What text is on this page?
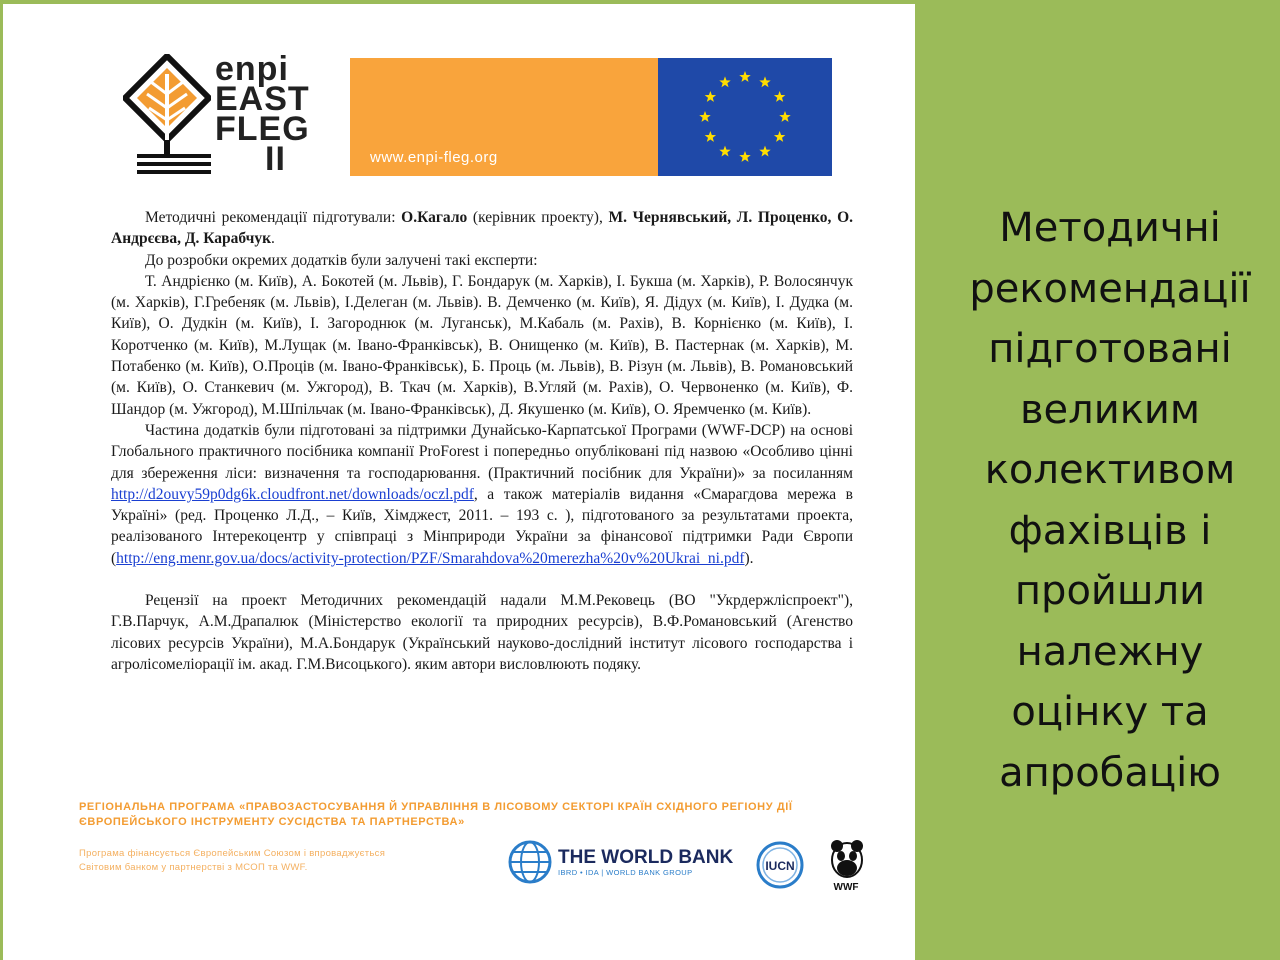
enpi
EAST
FLEG
II	www.enpi-fleg.org

Методичні рекомендації підготували: О.Кагало (керівник проекту), М. Чернявський, Л. Проценко, О. Андрєєва, Д. Карабчук.

До розробки окремих додатків були залучені такі експерти:

Т. Андрієнко (м. Київ), А. Бокотей (м. Львів), Г. Бондарук (м. Харків), І. Букша (м. Харків), Р. Волосянчук (м. Харків), Г.Гребеняк (м. Львів), І.Делеган (м. Львів). В. Демченко (м. Київ), Я. Дідух (м. Київ), І. Дудка (м. Київ), О. Дудкін (м. Київ), І. Загороднюк (м. Луганськ), М.Кабаль (м. Рахів), В. Корнієнко (м. Київ), І. Коротченко (м. Київ), М.Лущак (м. Івано-Франківськ), В. Онищенко (м. Київ), В. Пастернак (м. Харків), М. Потабенко (м. Київ), О.Проців (м. Івано-Франківськ), Б. Проць (м. Львів), В. Різун (м. Львів), В. Романовський (м. Київ), О. Станкевич (м. Ужгород), В. Ткач (м. Харків), В.Угляй (м. Рахів), О. Червоненко (м. Київ), Ф. Шандор (м. Ужгород), М.Шпільчак (м. Івано-Франківськ), Д. Якушенко (м. Київ), О. Яремченко (м. Київ).

Частина додатків були підготовані за підтримки Дунайсько-Карпатської Програми (WWF-DCP) на основі Глобального практичного посібника компанії ProForest і попередньо опубліковані під назвою «Особливо цінні для збереження ліси: визначення та господарювання. (Практичний посібник для України)» за посиланням http://d2ouvy59p0dg6k.cloudfront.net/downloads/oczl.pdf, а також матеріалів видання «Смарагдова мережа в Україні» (ред. Проценко Л.Д., – Київ, Хімджест, 2011. – 193 с. ), підготованого за результатами проекта, реалізованого Інтерекоцентр у співпраці з Мінприроди України за фінансової підтримки Ради Європи (http://eng.menr.gov.ua/docs/activity-protection/PZF/Smarahdova%20merezha%20v%20Ukrai_ni.pdf).

Рецензії на проект Методичних рекомендацій надали М.М.Рековець (ВО "Укрдержліспроект"), Г.В.Парчук, А.М.Драпалюк (Міністерство екології та природних ресурсів), В.Ф.Романовський (Агенство лісових ресурсів України), М.А.Бондарук (Український науково-дослідний інститут лісового господарства і агролісомеліорації ім. акад. Г.М.Висоцького). яким автори висловлюють подяку.

РЕГІОНАЛЬНА ПРОГРАМА «ПРАВОЗАСТОСУВАННЯ Й УПРАВЛІННЯ В ЛІСОВОМУ СЕКТОРІ КРАЇН СХІДНОГО РЕГІОНУ ДІЇ ЄВРОПЕЙСЬКОГО ІНСТРУМЕНТУ СУСІДСТВА ТА ПАРТНЕРСТВА»

Програма фінансується Європейським Союзом і впроваджується Світовим банком у партнерстві з МСОП та WWF.	THE WORLD BANK
IBRD • IDA | WORLD BANK GROUP	IUCN
WWF

Методичні
рекомендації
підготовані
великим
колективом
фахівців і
пройшли
належну
оцінку та
апробацію
